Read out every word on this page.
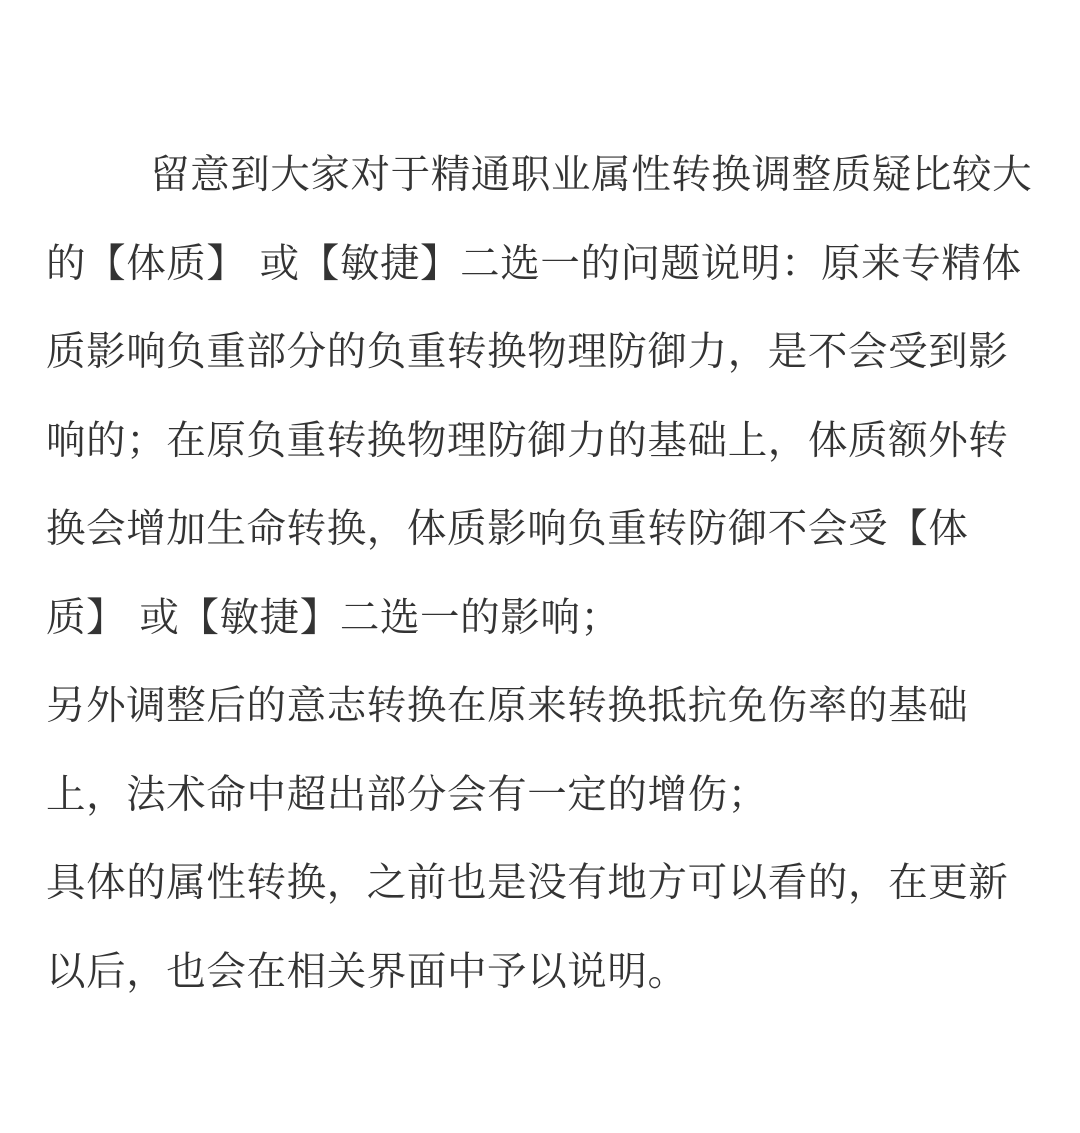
留意到大家对于精通职业属性转换调整质疑比较大的【体质】 或【敏捷】二选一的问题说明：原来专精体质影响负重部分的负重转换物理防御力，是不会受到影响的；在原负重转换物理防御力的基础上，体质额外转换会增加生命转换，体质影响负重转防御不会受【体质】 或【敏捷】二选一的影响；

另外调整后的意志转换在原来转换抵抗免伤率的基础上，法术命中超出部分会有一定的增伤；

具体的属性转换，之前也是没有地方可以看的，在更新以后，也会在相关界面中予以说明。
